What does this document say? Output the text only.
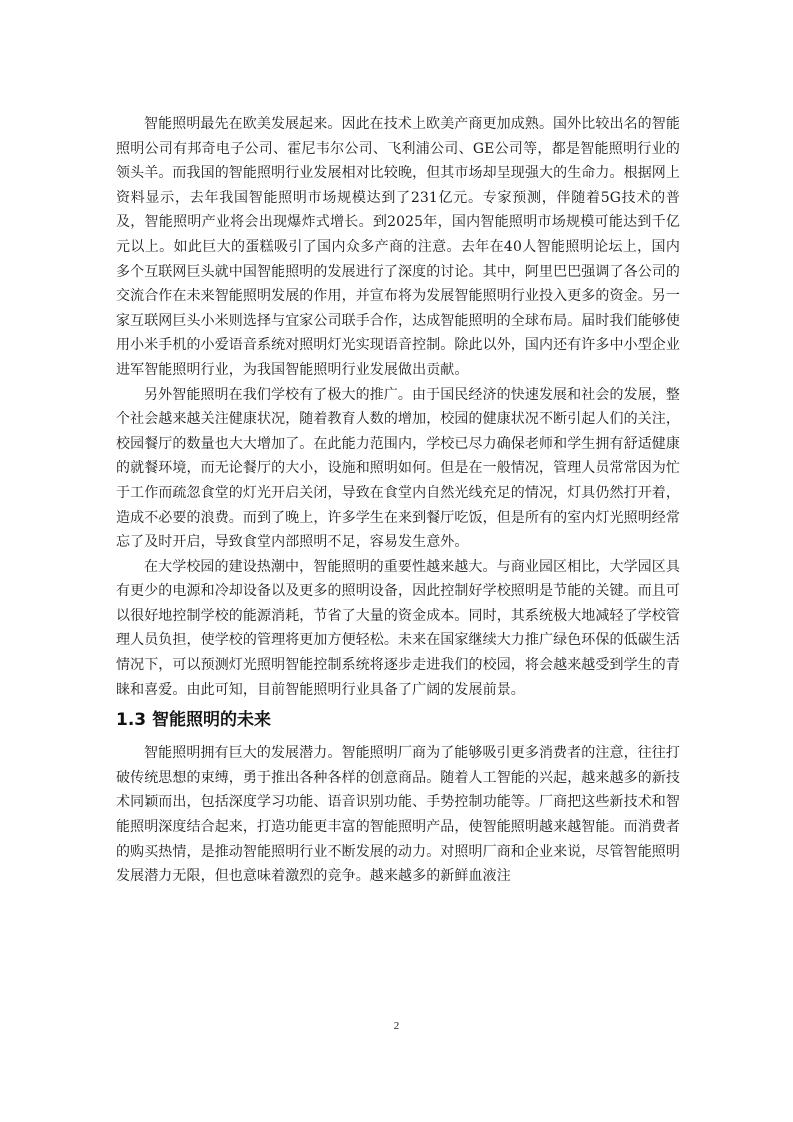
智能照明最先在欧美发展起来。因此在技术上欧美产商更加成熟。国外比较出名的智能照明公司有邦奇电子公司、霍尼韦尔公司、飞利浦公司、GE公司等，都是智能照明行业的领头羊。而我国的智能照明行业发展相对比较晚，但其市场却呈现强大的生命力。根据网上资料显示，去年我国智能照明市场规模达到了231亿元。专家预测，伴随着5G技术的普及，智能照明产业将会出现爆炸式增长。到2025年，国内智能照明市场规模可能达到千亿元以上。如此巨大的蛋糕吸引了国内众多产商的注意。去年在40人智能照明论坛上，国内多个互联网巨头就中国智能照明的发展进行了深度的讨论。其中，阿里巴巴强调了各公司的交流合作在未来智能照明发展的作用，并宣布将为发展智能照明行业投入更多的资金。另一家互联网巨头小米则选择与宜家公司联手合作，达成智能照明的全球布局。届时我们能够使用小米手机的小爱语音系统对照明灯光实现语音控制。除此以外，国内还有许多中小型企业进军智能照明行业，为我国智能照明行业发展做出贡献。

另外智能照明在我们学校有了极大的推广。由于国民经济的快速发展和社会的发展，整个社会越来越关注健康状况，随着教育人数的增加，校园的健康状况不断引起人们的关注，校园餐厅的数量也大大增加了。在此能力范围内，学校已尽力确保老师和学生拥有舒适健康的就餐环境，而无论餐厅的大小，设施和照明如何。但是在一般情况，管理人员常常因为忙于工作而疏忽食堂的灯光开启关闭，导致在食堂内自然光线充足的情况，灯具仍然打开着，造成不必要的浪费。而到了晚上，许多学生在来到餐厅吃饭，但是所有的室内灯光照明经常忘了及时开启，导致食堂内部照明不足，容易发生意外。

在大学校园的建设热潮中，智能照明的重要性越来越大。与商业园区相比，大学园区具有更少的电源和冷却设备以及更多的照明设备，因此控制好学校照明是节能的关键。而且可以很好地控制学校的能源消耗，节省了大量的资金成本。同时，其系统极大地减轻了学校管理人员负担，使学校的管理将更加方便轻松。未来在国家继续大力推广绿色环保的低碳生活情况下，可以预测灯光照明智能控制系统将逐步走进我们的校园，将会越来越受到学生的青睐和喜爱。由此可知，目前智能照明行业具备了广阔的发展前景。

1.3 智能照明的未来

智能照明拥有巨大的发展潜力。智能照明厂商为了能够吸引更多消费者的注意，往往打破传统思想的束缚，勇于推出各种各样的创意商品。随着人工智能的兴起，越来越多的新技术同颖而出，包括深度学习功能、语音识别功能、手势控制功能等。厂商把这些新技术和智能照明深度结合起来，打造功能更丰富的智能照明产品，使智能照明越来越智能。而消费者的购买热情，是推动智能照明行业不断发展的动力。对照明厂商和企业来说，尽管智能照明发展潜力无限，但也意味着激烈的竞争。越来越多的新鲜血液注

2
